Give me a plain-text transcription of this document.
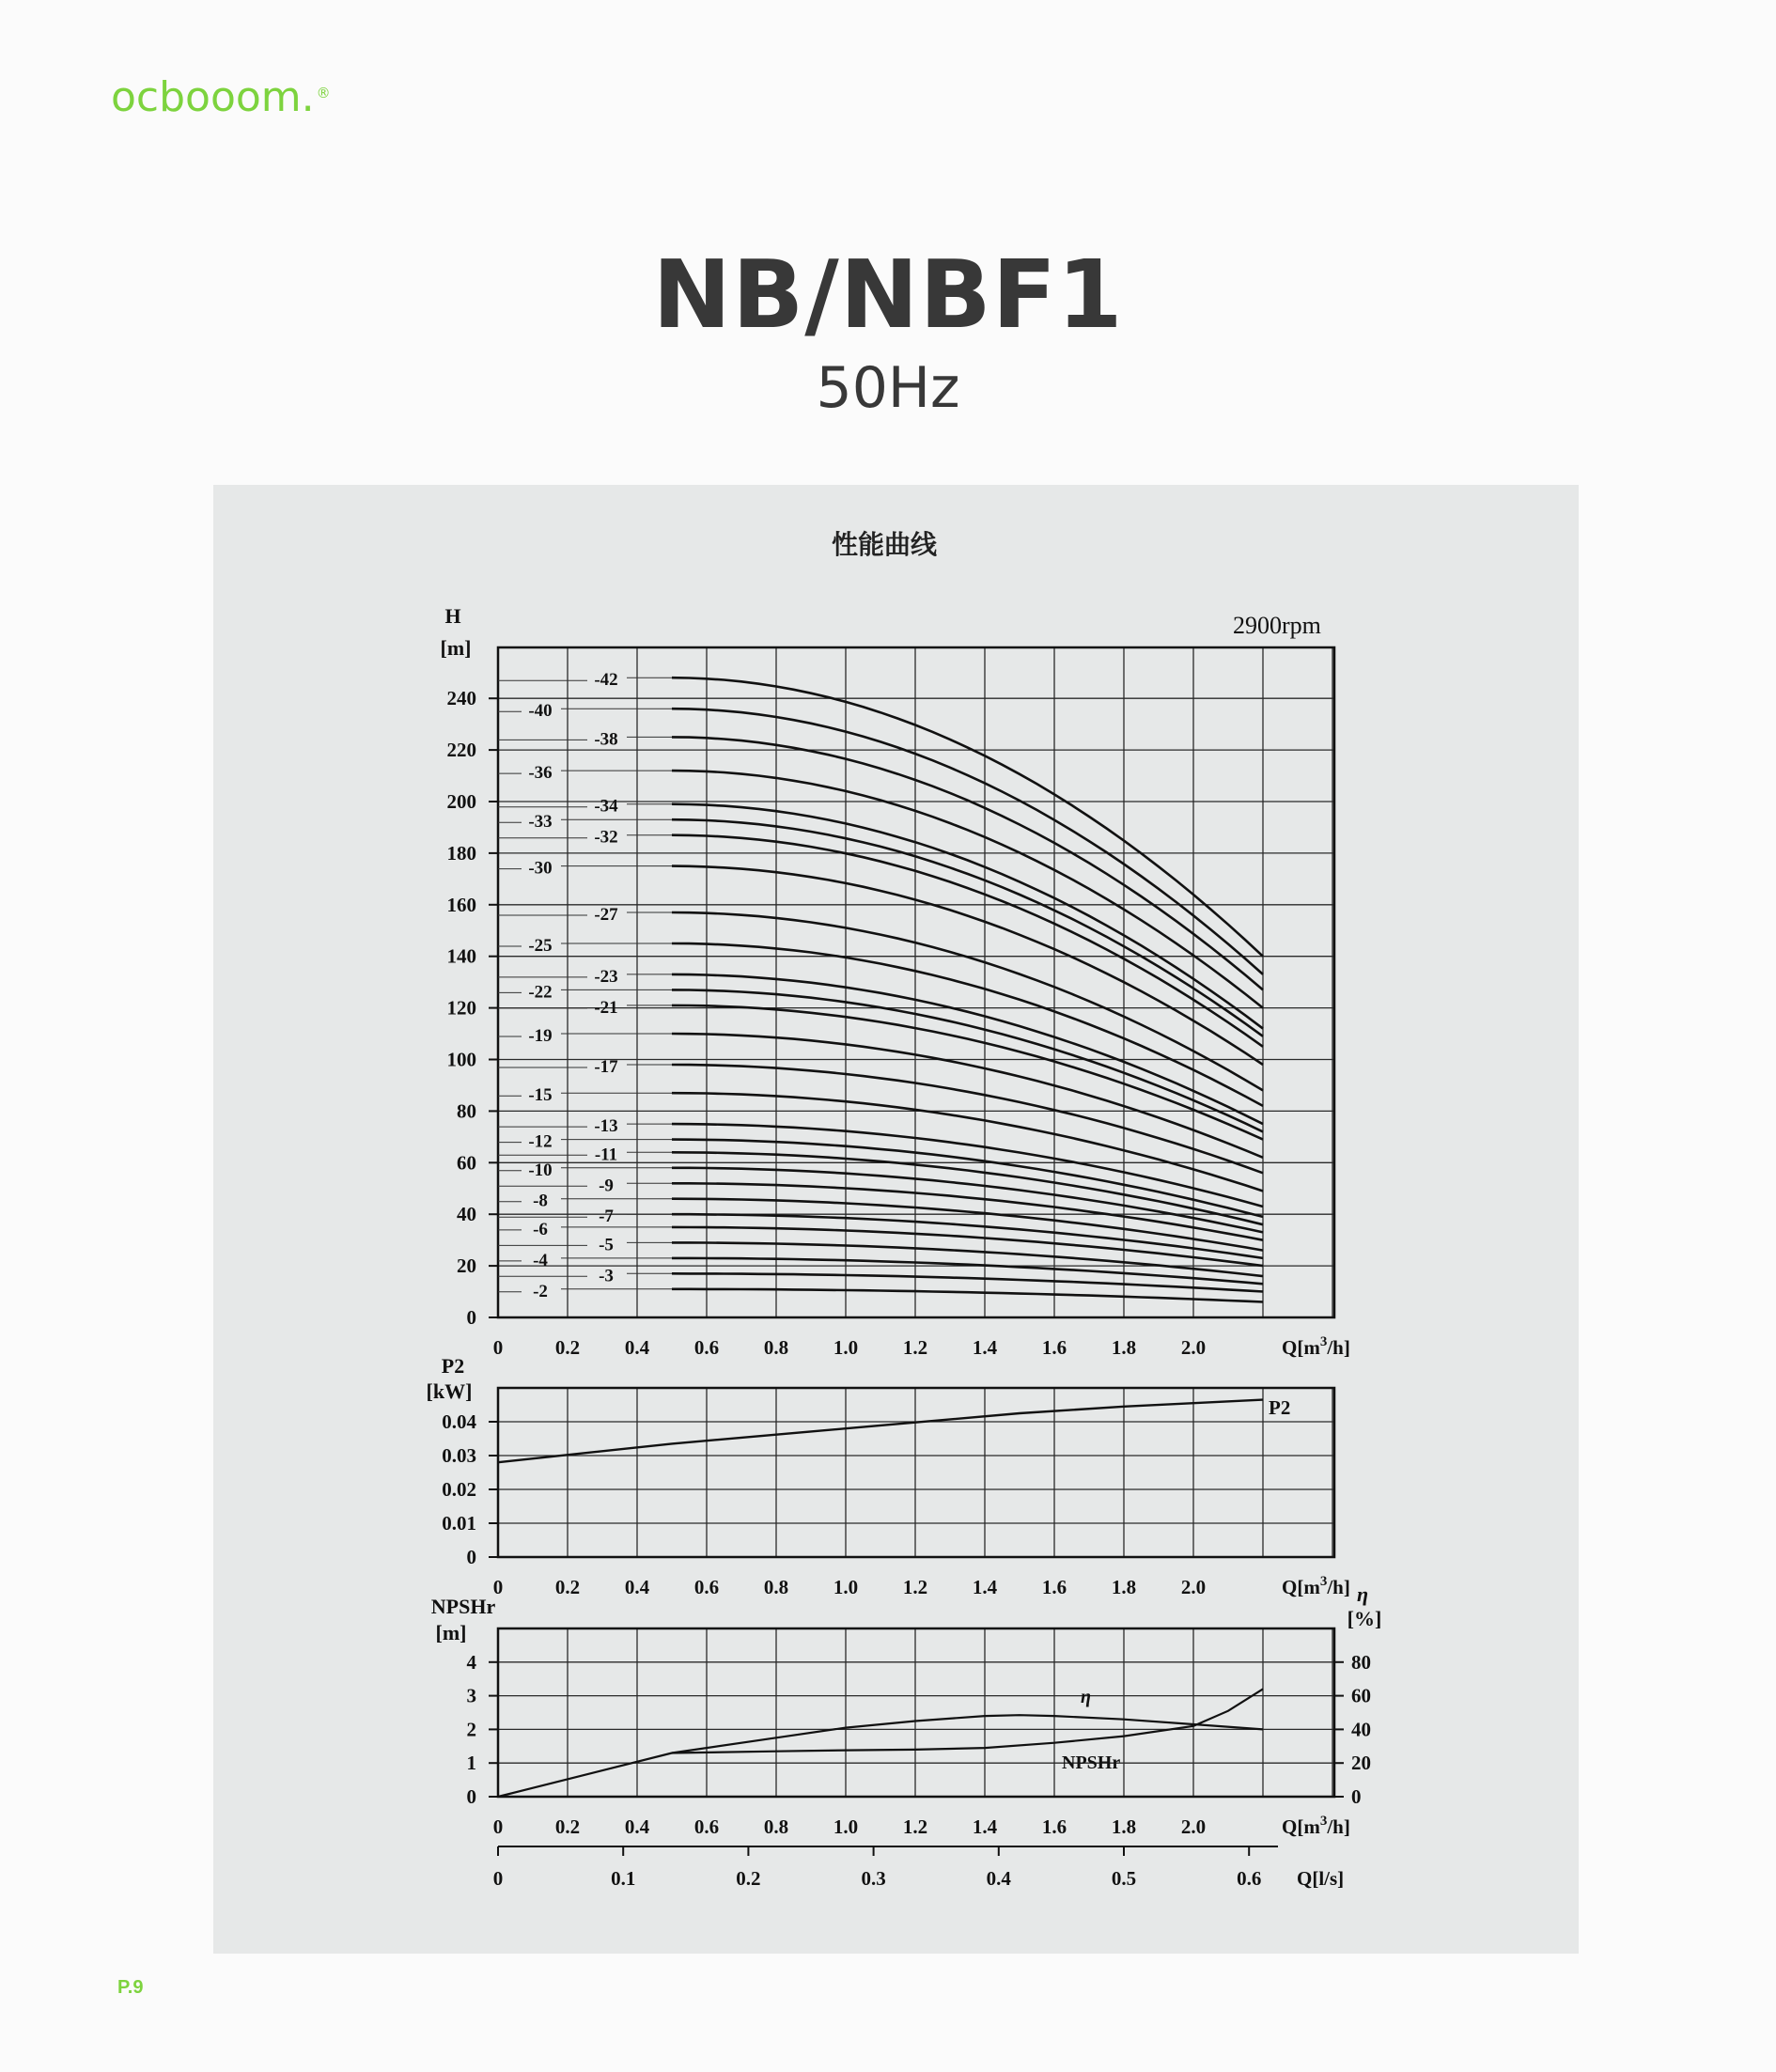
ocbooom. ®
NB/NBF1
50Hz
性能曲线
2900rpm
0
20
40
60
80
100
120
140
160
180
200
220
240
H
[m]
0	0.2 0.4 0.6 0.8 1.0 1.2 1.4 1.6 1.8 2.0	$Q[m^3/h]$
-42
-40
-38
-36
-34
-33
-32
-30
-27
-25
-23
-22
-21
-19
-17
-15
-13
-12
-11
-10
-9
-8
-7
-6
-5
-4
-3
-2
0
0.01
0.02
0.03
0.04
P2
[kW]
0	0.2 0.4 0.6 0.8 1.0 1.2 1.4 1.6 1.8 2.0	$Q[m^3/h]$
P2
0
1
2
3
4
0
20
40
60
80
NPSHr
[m]
η
[%]
0	0.2 0.4 0.6 0.8 1.0 1.2 1.4 1.6 1.8 2.0	$Q[m^3/h]$
0	0.1	0.2	0.3	0.4	0.5	0.6 Q[l/s]
η
NPSHr
P.9
